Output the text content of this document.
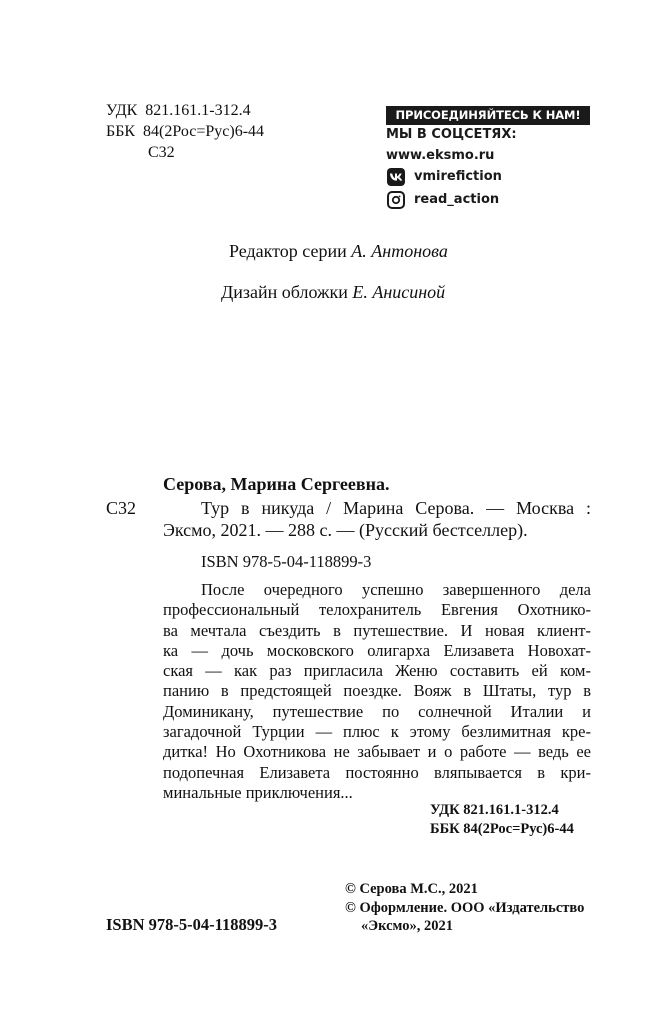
УДК  821.161.1-312.4
ББК  84(2Рос=Рус)6-44
С32
ПРИСОЕДИНЯЙТЕСЬ К НАМ!
МЫ В СОЦСЕТЯХ:
www.eksmo.ru
vmirefiction
read_action
Редактор серии А. Антонова
Дизайн обложки Е. Анисиной
Серова, Марина Сергеевна.
С32	Тур в никуда / Марина Серова. — Москва :
Эксмо, 2021. — 288 с. — (Русский бестселлер).
ISBN 978-5-04-118899-3
После очередного успешно завершенного дела
профессиональный телохранитель Евгения Охотнико-
ва мечтала съездить в путешествие. И новая клиент-
ка — дочь московского олигарха Елизавета Новохат-
ская — как раз пригласила Женю составить ей ком-
панию в предстоящей поездке. Вояж в Штаты, тур в
Доминикану, путешествие по солнечной Италии и
загадочной Турции — плюс к этому безлимитная кре-
дитка! Но Охотникова не забывает и о работе — ведь ее
подопечная Елизавета постоянно вляпывается в кри-
минальные приключения...
УДК 821.161.1-312.4
ББК 84(2Рос=Рус)6-44
© Серова М.С., 2021
© Оформление. ООО «Издательство
«Эксмо», 2021
ISBN 978-5-04-118899-3
